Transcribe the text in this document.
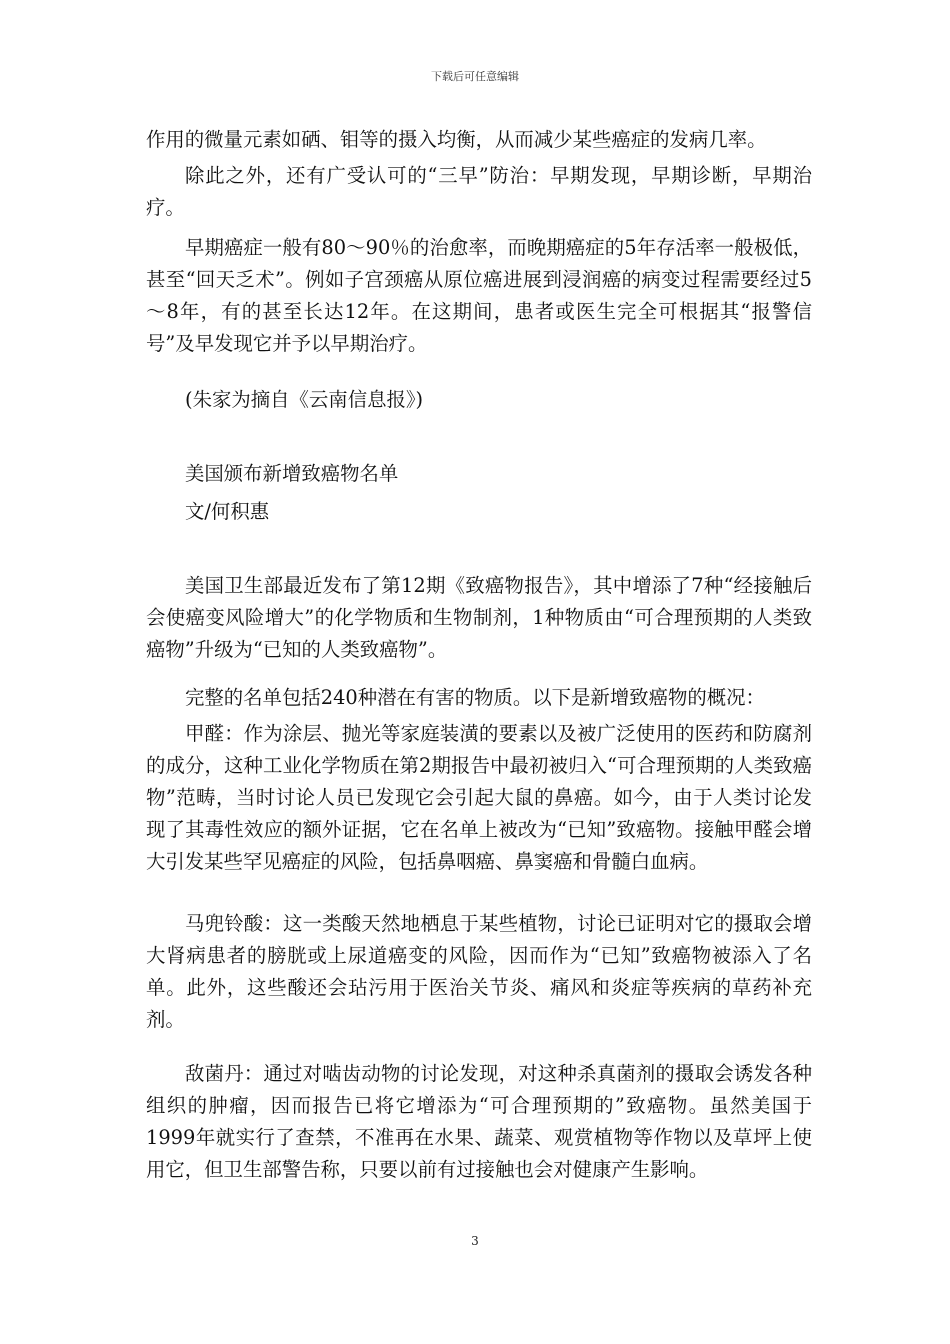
下载后可任意编辑

作用的微量元素如硒、钼等的摄入均衡，从而减少某些癌症的发病几率。

除此之外，还有广受认可的“三早”防治：早期发现，早期诊断，早期治疗。

早期癌症一般有80～90％的治愈率，而晚期癌症的5年存活率一般极低，甚至“回天乏术”。例如子宫颈癌从原位癌进展到浸润癌的病变过程需要经过5～8年，有的甚至长达12年。在这期间，患者或医生完全可根据其“报警信号”及早发现它并予以早期治疗。

(朱家为摘自《云南信息报》)

美国颁布新增致癌物名单

文/何积惠

美国卫生部最近发布了第12期《致癌物报告》，其中增添了7种“经接触后会使癌变风险增大”的化学物质和生物制剂，1种物质由“可合理预期的人类致癌物”升级为“已知的人类致癌物”。

完整的名单包括240种潜在有害的物质。以下是新增致癌物的概况：

甲醛：作为涂层、抛光等家庭装潢的要素以及被广泛使用的医药和防腐剂的成分，这种工业化学物质在第2期报告中最初被归入“可合理预期的人类致癌物”范畴，当时讨论人员已发现它会引起大鼠的鼻癌。如今，由于人类讨论发现了其毒性效应的额外证据，它在名单上被改为“已知”致癌物。接触甲醛会增大引发某些罕见癌症的风险，包括鼻咽癌、鼻窦癌和骨髓白血病。

马兜铃酸：这一类酸天然地栖息于某些植物，讨论已证明对它的摄取会增大肾病患者的膀胱或上尿道癌变的风险，因而作为“已知”致癌物被添入了名单。此外，这些酸还会玷污用于医治关节炎、痛风和炎症等疾病的草药补充剂。

敌菌丹：通过对啮齿动物的讨论发现，对这种杀真菌剂的摄取会诱发各种组织的肿瘤，因而报告已将它增添为“可合理预期的”致癌物。虽然美国于1999年就实行了查禁，不准再在水果、蔬菜、观赏植物等作物以及草坪上使用它，但卫生部警告称，只要以前有过接触也会对健康产生影响。

3
